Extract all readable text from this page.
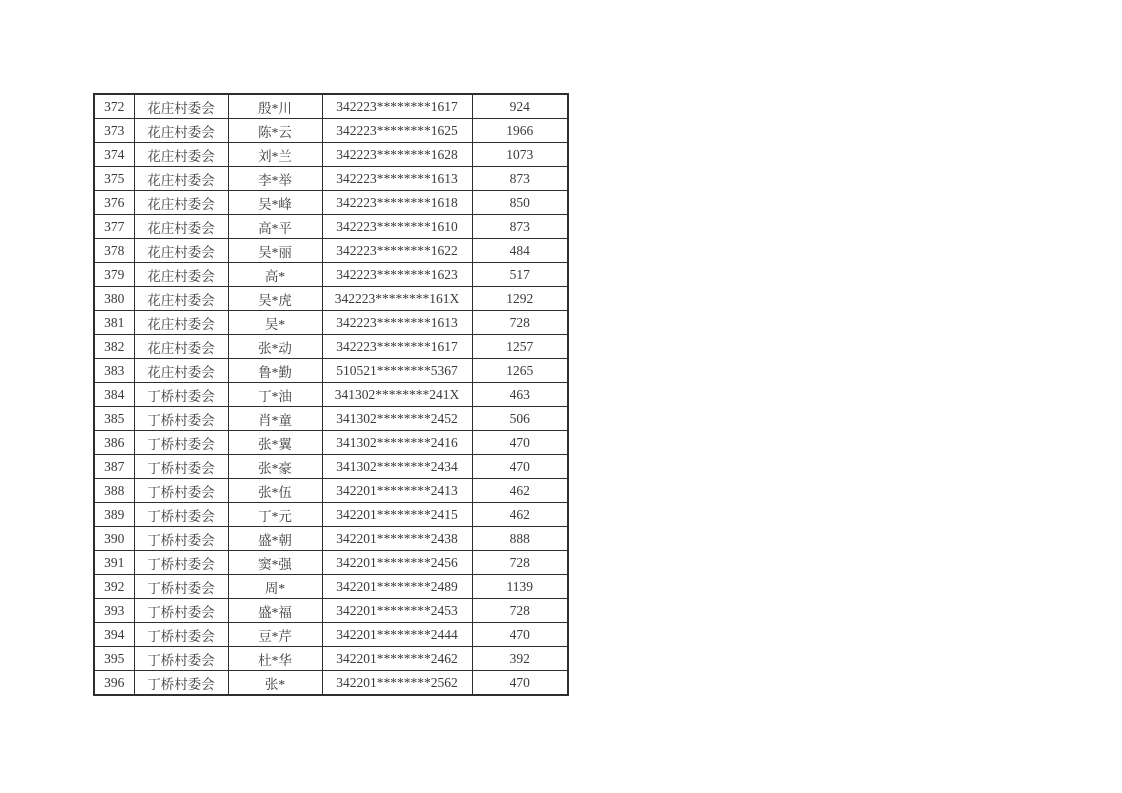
372	花庄村委会	殷*川	342223********1617	924
373	花庄村委会	陈*云	342223********1625	1966
374	花庄村委会	刘*兰	342223********1628	1073
375	花庄村委会	李*举	342223********1613	873
376	花庄村委会	吴*峰	342223********1618	850
377	花庄村委会	高*平	342223********1610	873
378	花庄村委会	吴*丽	342223********1622	484
379	花庄村委会	高*	342223********1623	517
380	花庄村委会	吴*虎	342223********161X	1292
381	花庄村委会	吴*	342223********1613	728
382	花庄村委会	张*动	342223********1617	1257
383	花庄村委会	鲁*勤	510521********5367	1265
384	丁桥村委会	丁*油	341302********241X	463
385	丁桥村委会	肖*童	341302********2452	506
386	丁桥村委会	张*翼	341302********2416	470
387	丁桥村委会	张*豪	341302********2434	470
388	丁桥村委会	张*伍	342201********2413	462
389	丁桥村委会	丁*元	342201********2415	462
390	丁桥村委会	盛*朝	342201********2438	888
391	丁桥村委会	窦*强	342201********2456	728
392	丁桥村委会	周*	342201********2489	1139
393	丁桥村委会	盛*福	342201********2453	728
394	丁桥村委会	豆*芹	342201********2444	470
395	丁桥村委会	杜*华	342201********2462	392
396	丁桥村委会	张*	342201********2562	470
